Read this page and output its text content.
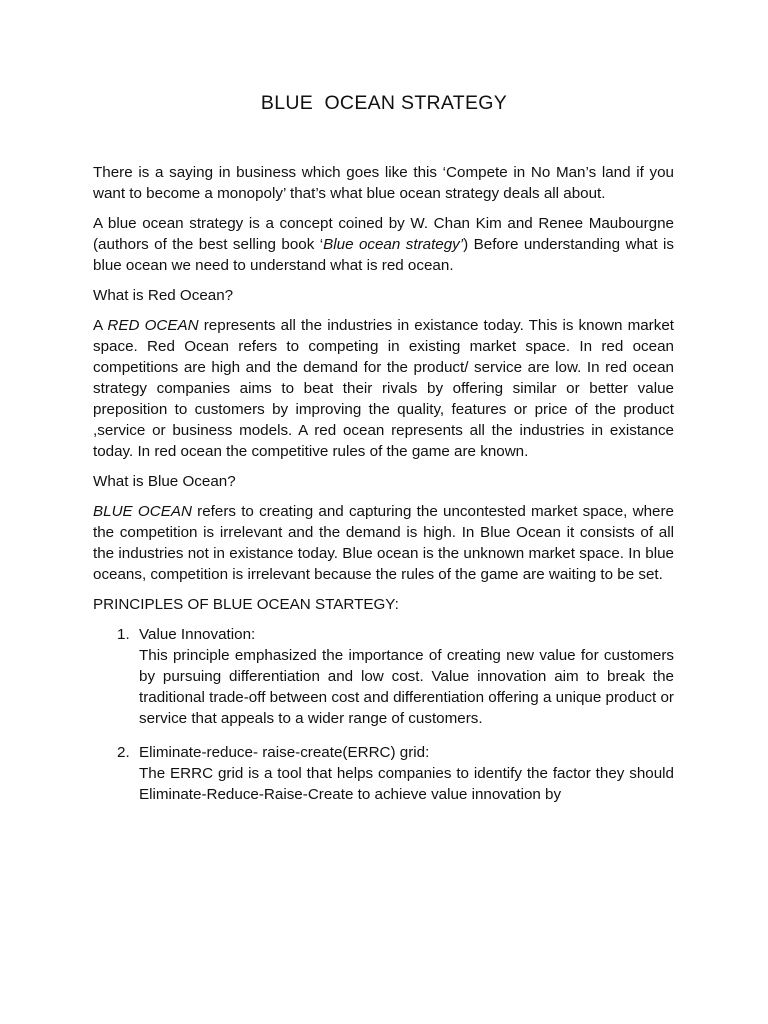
BLUE  OCEAN STRATEGY

There is a saying in business which goes like this ‘Compete in No Man’s land if you want to become a monopoly’ that’s what blue ocean strategy deals all about.

A blue ocean strategy is a concept coined by W. Chan Kim and Renee Maubourgne (authors of the best selling book ‘Blue ocean strategy’) Before understanding what is blue ocean we need to understand what is red ocean.

What is Red Ocean?

A RED OCEAN represents all the industries in existance today. This is known market space. Red Ocean refers to competing in existing market space. In red ocean competitions are high and the demand for the product/ service are low. In red ocean strategy companies aims to beat their rivals by offering similar or better value preposition to customers by improving the quality, features or price of the product ,service or business models. A red ocean represents all the industries in existance today. In red ocean the competitive rules of the game are known.

What is Blue Ocean?

BLUE OCEAN refers to creating and capturing the uncontested market space, where the competition is irrelevant and the demand is high. In Blue Ocean it consists of all the industries not in existance today. Blue ocean is the unknown market space. In blue oceans, competition is irrelevant because the rules of the game are waiting to be set.

PRINCIPLES OF BLUE OCEAN STARTEGY:

1. Value Innovation:
This principle emphasized the importance of creating new value for customers by pursuing differentiation and low cost. Value innovation aim to break the traditional trade-off between cost and differentiation offering a unique product or service that appeals to a wider range of customers.
2. Eliminate-reduce- raise-create(ERRC) grid:
The ERRC grid is a tool that helps companies to identify the factor they should Eliminate-Reduce-Raise-Create to achieve value innovation by
